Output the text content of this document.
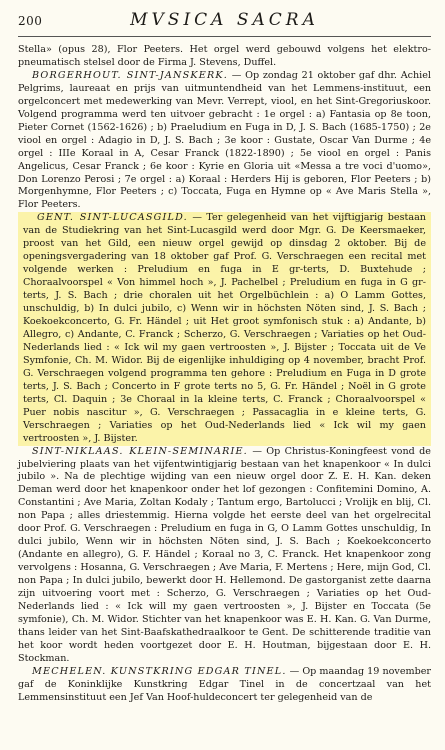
200	MVSICA SACRA

Stella» (opus 28), Flor Peeters. Het orgel werd gebouwd volgens het elektro-pneumatisch stelsel door de Firma J. Stevens, Duffel.

BORGERHOUT. SINT-JANSKERK. — Op zondag 21 oktober gaf dhr. Achiel Pelgrims, laureaat en prijs van uitmuntendheid van het Lemmens-instituut, een orgelconcert met medewerking van Mevr. Verrept, viool, en het Sint-Gregoriuskoor. Volgend programma werd ten uitvoer gebracht : 1e orgel : a) Fantasia op 8e toon, Pieter Cornet (1562-1626) ; b) Praeludium en Fuga in D, J. S. Bach (1685-1750) ; 2e viool en orgel : Adagio in D, J. S. Bach ; 3e koor : Gustate, Oscar Van Durme ; 4e orgel : IIIe Koraal in A, Cesar Franck (1822-1890) ; 5e viool en orgel : Panis Angelicus, Cesar Franck ; 6e koor : Kyrie en Gloria uit «Messa a tre voci d'uomo», Don Lorenzo Perosi ; 7e orgel : a) Koraal : Herders Hij is geboren, Flor Peeters ; b) Morgenhymne, Flor Peeters ; c) Toccata, Fuga en Hymne op « Ave Maris Stella », Flor Peeters.

GENT. SINT-LUCASGILD. — Ter gelegenheid van het vijftigjarig bestaan van de Studiekring van het Sint-Lucasgild werd door Mgr. G. De Keersmaeker, proost van het Gild, een nieuw orgel gewijd op dinsdag 2 oktober. Bij de openingsvergadering van 18 oktober gaf Prof. G. Verschraegen een recital met volgende werken : Preludium en fuga in E gr-terts, D. Buxtehude ; Choraalvoorspel « Von himmel hoch », J. Pachelbel ; Preludium en fuga in G gr-terts, J. S. Bach ; drie choralen uit het Orgelbüchlein : a) O Lamm Gottes, unschuldig, b) In dulci jubilo, c) Wenn wir in höchsten Nöten sind, J. S. Bach ; Koekoekconcerto, G. Fr. Händel ; uit Het groot symfonisch stuk : a) Andante, b) Allegro, c) Andante, C. Franck ; Scherzo, G. Verschraegen ; Variaties op het Oud-Nederlands lied : « Ick wil my gaen vertroosten », J. Bijster ; Toccata uit de Ve Symfonie, Ch. M. Widor. Bij de eigenlijke inhuldiging op 4 november, bracht Prof. G. Verschraegen volgend programma ten gehore : Preludium en Fuga in D grote terts, J. S. Bach ; Concerto in F grote terts no 5, G. Fr. Händel ; Noël in G grote terts, Cl. Daquin ; 3e Choraal in la kleine terts, C. Franck ; Choraalvoorspel « Puer nobis nascitur », G. Verschraegen ; Passacaglia in e kleine terts, G. Verschraegen ; Variaties op het Oud-Nederlands lied « Ick wil my gaen vertroosten », J. Bijster.

SINT-NIKLAAS. KLEIN-SEMINARIE. — Op Christus-Koningfeest vond de jubelviering plaats van het vijfentwintigjarig bestaan van het knapenkoor « In dulci jubilo ». Na de plechtige wijding van een nieuw orgel door Z. E. H. Kan. deken Deman werd door het knapenkoor onder het lof gezongen : Confitemini Domino, A. Constantini ; Ave Maria, Zoltan Kodaly ; Tantum ergo, Bartolucci ; Vrolijk en blij, Cl. non Papa ; alles driestemmig. Hierna volgde het eerste deel van het orgelrecital door Prof. G. Verschraegen : Preludium en fuga in G, O Lamm Gottes unschuldig, In dulci jubilo, Wenn wir in höchsten Nöten sind, J. S. Bach ; Koekoekconcerto (Andante en allegro), G. F. Händel ; Koraal no 3, C. Franck. Het knapenkoor zong vervolgens : Hosanna, G. Verschraegen ; Ave Maria, F. Mertens ; Here, mijn God, Cl. non Papa ; In dulci jubilo, bewerkt door H. Hellemond. De gastorganist zette daarna zijn uitvoering voort met : Scherzo, G. Verschraegen ; Variaties op het Oud-Nederlands lied : « Ick will my gaen vertroosten », J. Bijster en Toccata (5e symfonie), Ch. M. Widor. Stichter van het knapenkoor was E. H. Kan. G. Van Durme, thans leider van het Sint-Baafskathedraalkoor te Gent. De schitterende traditie van het koor wordt heden voortgezet door E. H. Houtman, bijgestaan door E. H. Stockman.

MECHELEN. KUNSTKRING EDGAR TINEL. — Op maandag 19 november gaf de Koninklijke Kunstkring Edgar Tinel in de concertzaal van het Lemmensinstituut een Jef Van Hoof-huldeconcert ter gelegenheid van de
